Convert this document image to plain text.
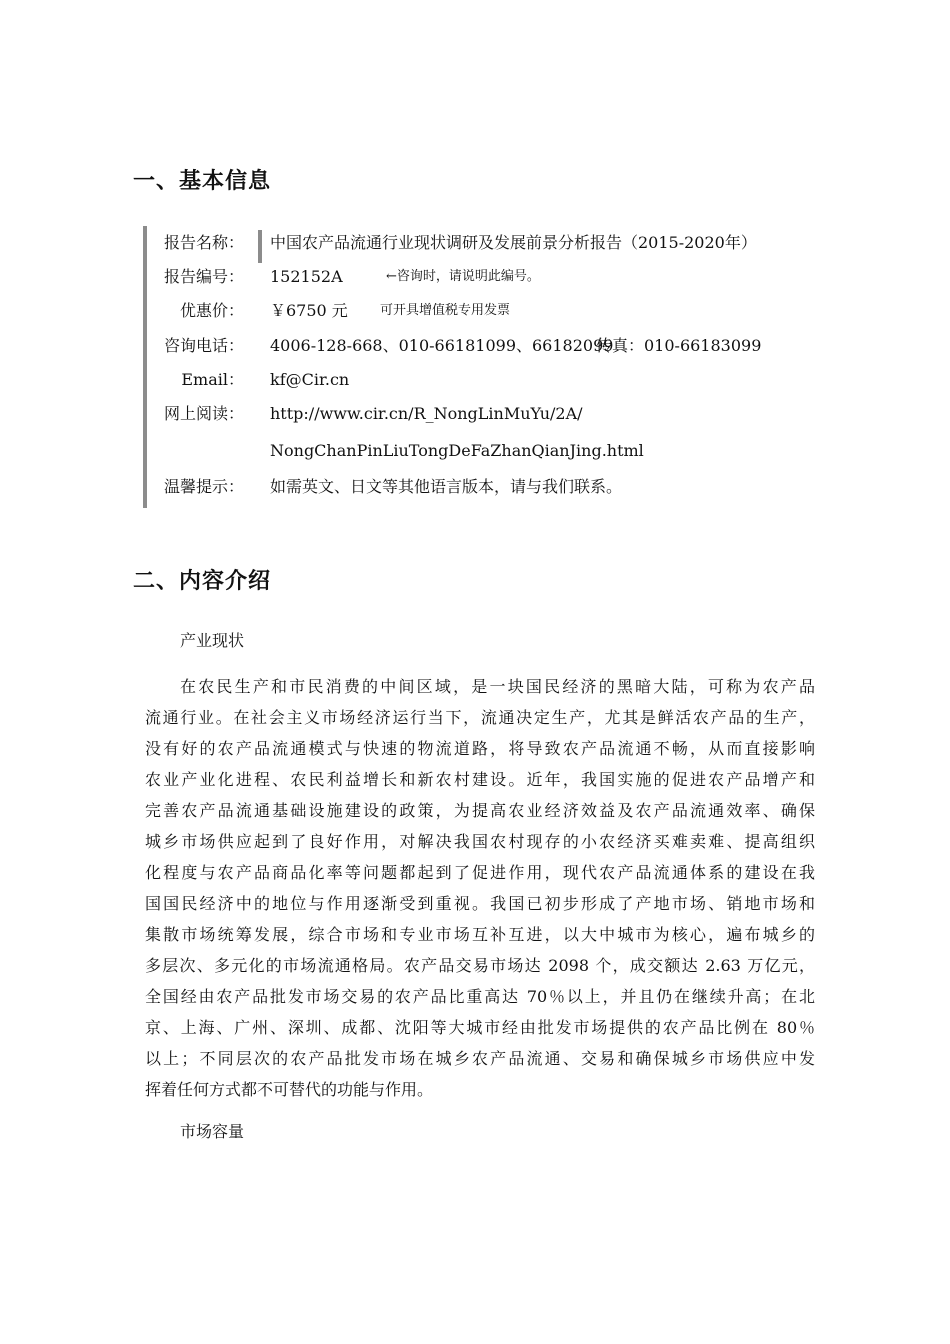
一、基本信息
报告名称： 中国农产品流通行业现状调研及发展前景分析报告（2015-2020年）
报告编号： 152152A	←咨询时，请说明此编号。
优惠价： ￥6750 元 可开具增值税专用发票
咨询电话： 4006-128-668、010-66181099、66182099
传真：010-66183099
Email： kf@Cir.cn
网上阅读： http://www.cir.cn/R_NongLinMuYu/2A/
NongChanPinLiuTongDeFaZhanQianJing.html
温馨提示： 如需英文、日文等其他语言版本，请与我们联系。
二、内容介绍
产业现状
在农民生产和市民消费的中间区域，是一块国民经济的黑暗大陆，可称为农产品
流通行业。在社会主义市场经济运行当下，流通决定生产，尤其是鲜活农产品的生产，
没有好的农产品流通模式与快速的物流道路，将导致农产品流通不畅，从而直接影响
农业产业化进程、农民利益增长和新农村建设。近年，我国实施的促进农产品增产和
完善农产品流通基础设施建设的政策，为提高农业经济效益及农产品流通效率、确保
城乡市场供应起到了良好作用，对解决我国农村现存的小农经济买难卖难、提高组织
化程度与农产品商品化率等问题都起到了促进作用，现代农产品流通体系的建设在我
国国民经济中的地位与作用逐渐受到重视。我国已初步形成了产地市场、销地市场和
集散市场统筹发展，综合市场和专业市场互补互进，以大中城市为核心，遍布城乡的
多层次、多元化的市场流通格局。农产品交易市场达 2098 个，成交额达 2.63 万亿元，
全国经由农产品批发市场交易的农产品比重高达 70％以上，并且仍在继续升高；在北
京、上海、广州、深圳、成都、沈阳等大城市经由批发市场提供的农产品比例在 80％
以上；不同层次的农产品批发市场在城乡农产品流通、交易和确保城乡市场供应中发
挥着任何方式都不可替代的功能与作用。
市场容量
